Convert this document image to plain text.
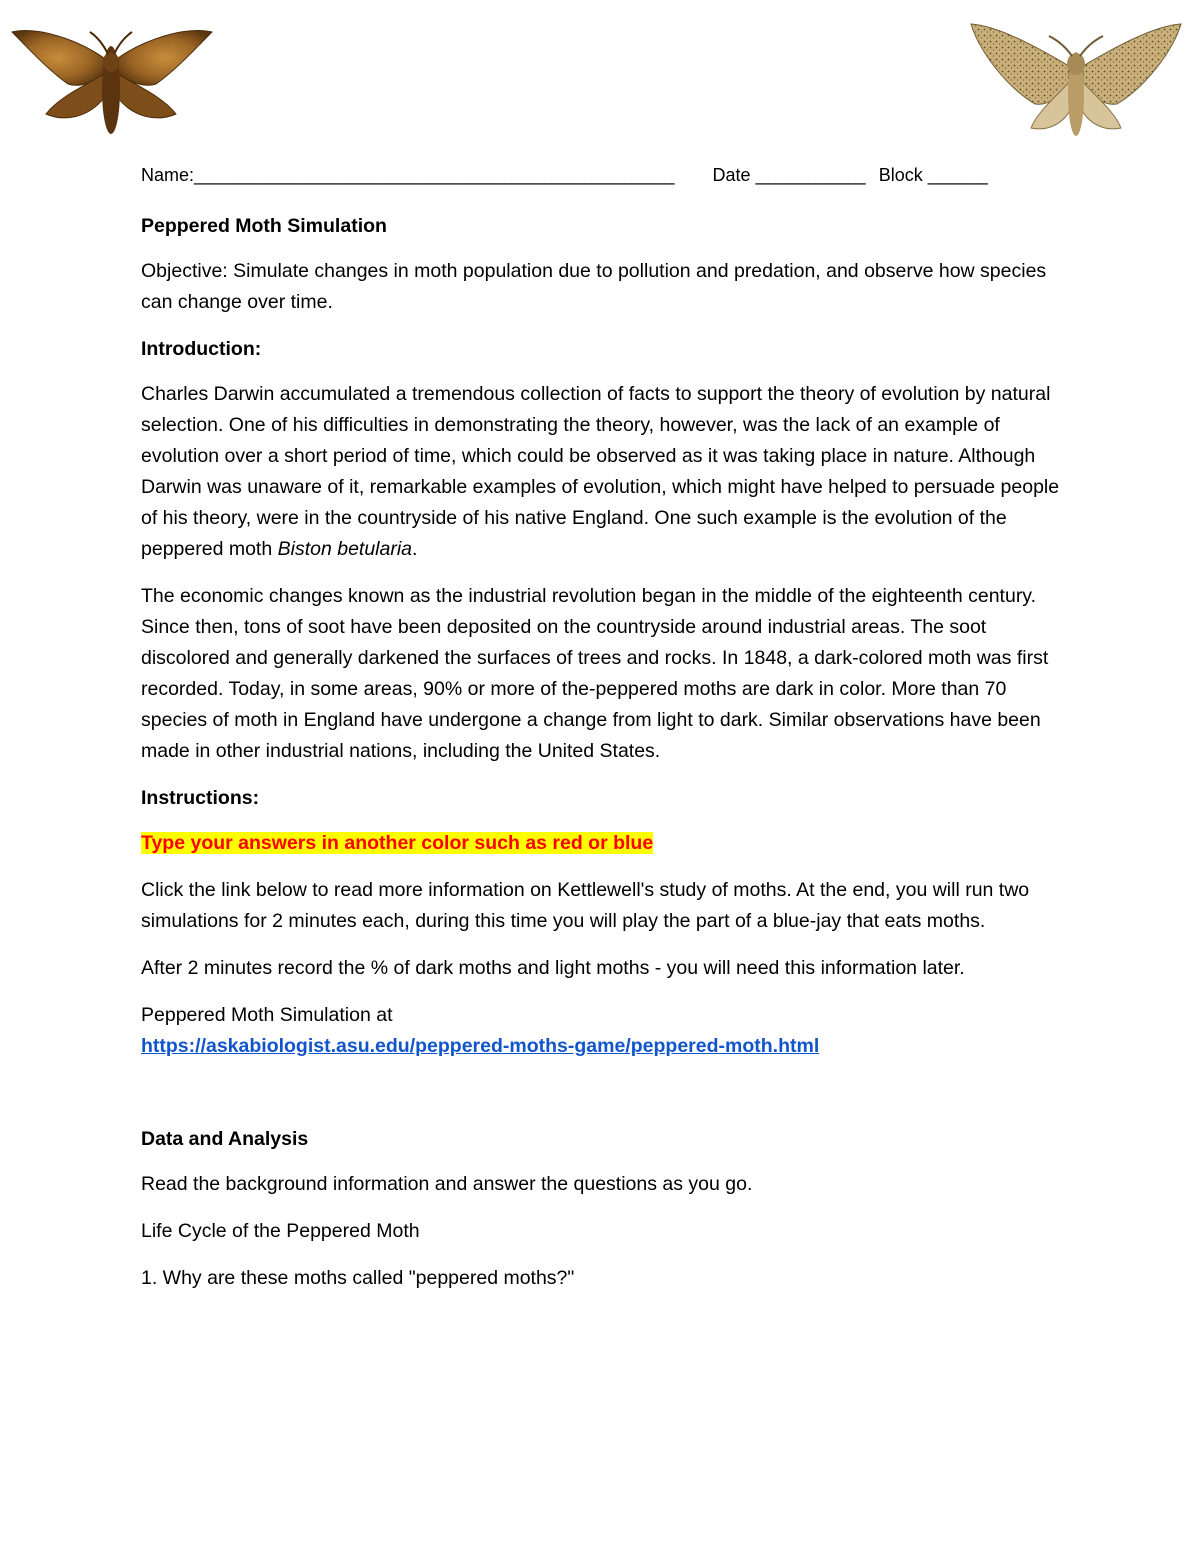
Name:________________________________________________ Date ___________ Block ______
Peppered Moth Simulation

Objective: Simulate changes in moth population due to pollution and predation, and observe how species can change over time.

Introduction:

Charles Darwin accumulated a tremendous collection of facts to support the theory of evolution by natural selection. One of his difficulties in demonstrating the theory, however, was the lack of an example of evolution over a short period of time, which could be observed as it was taking place in nature. Although Darwin was unaware of it, remarkable examples of evolution, which might have helped to persuade people of his theory, were in the countryside of his native England. One such example is the evolution of the peppered moth Biston betularia.

The economic changes known as the industrial revolution began in the middle of the eighteenth century. Since then, tons of soot have been deposited on the countryside around industrial areas. The soot discolored and generally darkened the surfaces of trees and rocks. In 1848, a dark-colored moth was first recorded. Today, in some areas, 90% or more of the-peppered moths are dark in color. More than 70 species of moth in England have undergone a change from light to dark. Similar observations have been made in other industrial nations, including the United States.

Instructions:

Type your answers in another color such as red or blue

Click the link below to read more information on Kettlewell's study of moths. At the end, you will run two simulations for 2 minutes each, during this time you will play the part of a blue-jay that eats moths.

After 2 minutes record the % of dark moths and light moths - you will need this information later.

Peppered Moth Simulation at
https://askabiologist.asu.edu/peppered-moths-game/peppered-moth.html

Data and Analysis

Read the background information and answer the questions as you go.

Life Cycle of the Peppered Moth

1. Why are these moths called "peppered moths?"
